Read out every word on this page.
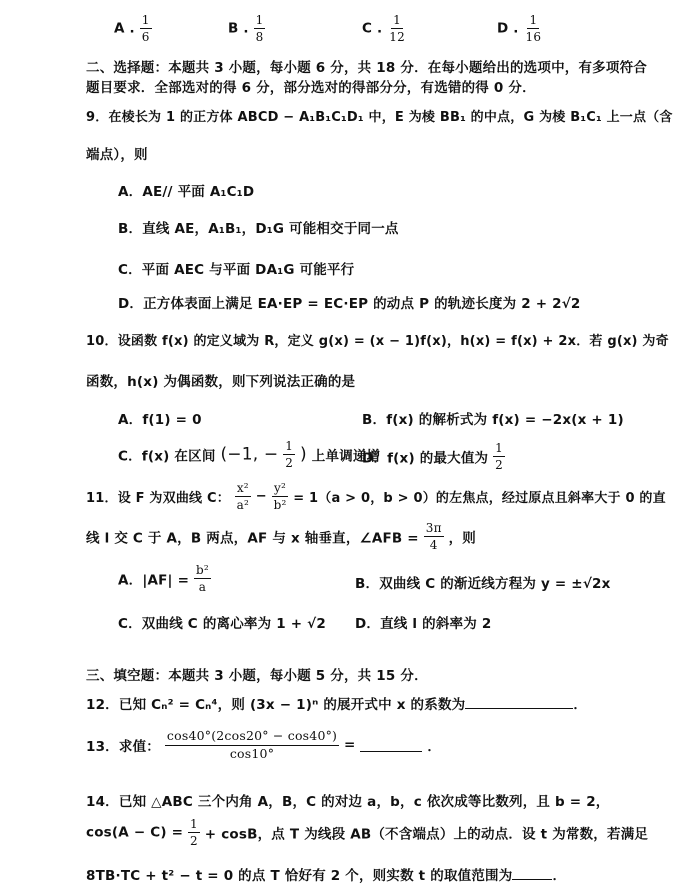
A . $\frac{1}{6}$	B . $\frac{1}{8}$	C . $\frac{1}{12}$	D . $\frac{1}{16}$
二、选择题：本题共 3 小题，每小题 6 分，共 18 分．在每小题给出的选项中，有多项符合
题目要求．全部选对的得 6 分，部分选对的得部分分，有选错的得 0 分．
9．在棱长为 1 的正方体 ABCD − A₁B₁C₁D₁ 中，E 为棱 BB₁ 的中点，G 为棱 B₁C₁ 上一点（含
端点），则
A．AE// 平面 A₁C₁D
B．直线 AE，A₁B₁，D₁G 可能相交于同一点
C．平面 AEC 与平面 DA₁G 可能平行
D．正方体表面上满足 EA·EP = EC·EP 的动点 P 的轨迹长度为 2 + 2√2
10．设函数 f(x) 的定义域为 R，定义 g(x) = (x − 1)f(x)，h(x) = f(x) + 2x．若 g(x) 为奇
函数，h(x) 为偶函数，则下列说法正确的是
A．f(1) = 0	B．f(x) 的解析式为 f(x) = −2x(x + 1)
C．f(x) 在区间 (−1, − $\frac{1}{2}$ ) 上单调递增
D．f(x) 的最大值为 $\frac{1}{2}$
11．设 F 为双曲线 C： $\frac{\text{x²}}{\text{a²}} - \frac{\text{y²}}{\text{b²}} = 1(a > 0$，b > 0）的左焦点，经过原点且斜率大于 0 的直
线 l 交 C 于 A，B 两点，AF 与 x 轴垂直，∠AFB = $\frac{3\pi}{4}$ ，则
A．$|AF| = \frac{\text{b²}}{a}$	B．双曲线 C 的渐近线方程为 y = ±√2x
C．双曲线 C 的离心率为 1 + √2 D．直线 l 的斜率为 2
三、填空题：本题共 3 小题，每小题 5 分，共 15 分．
12．已知 Cₙ² = Cₙ⁴，则 (3x − 1)ⁿ 的展开式中 x 的系数为	．
13．求值： $\frac{\cos 40^\circ(2\cos 20^\circ - \cos 40^\circ)}{\cos 10^\circ}$ =	．
14．已知 △ABC 三个内角 A，B，C 的对边 a，b，c 依次成等比数列，且 b = 2，
$\cos(A - C) = \frac{1}{2} + \cos B$，点 T 为线段 AB（不含端点）上的动点．设 t 为常数，若满足
8TB·TC + t² − t = 0 的点 T 恰好有 2 个，则实数 t 的取值范围为	．
